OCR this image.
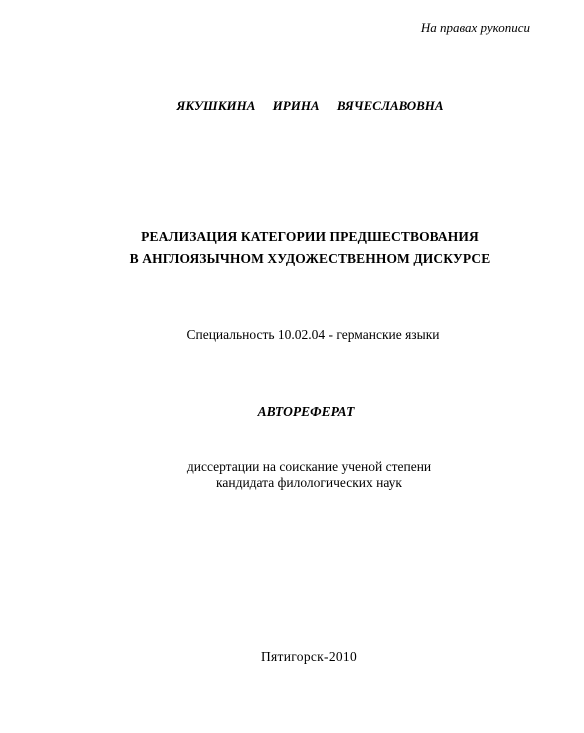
На правах рукописи
ЯКУШКИНА ИРИНА ВЯЧЕСЛАВОВНА
РЕАЛИЗАЦИЯ КАТЕГОРИИ ПРЕДШЕСТВОВАНИЯ
В АНГЛОЯЗЫЧНОМ ХУДОЖЕСТВЕННОМ ДИСКУРСЕ
Специальность 10.02.04 - германские языки
АВТОРЕФЕРАТ
диссертации на соискание ученой степени
кандидата филологических наук
Пятигорск-2010
